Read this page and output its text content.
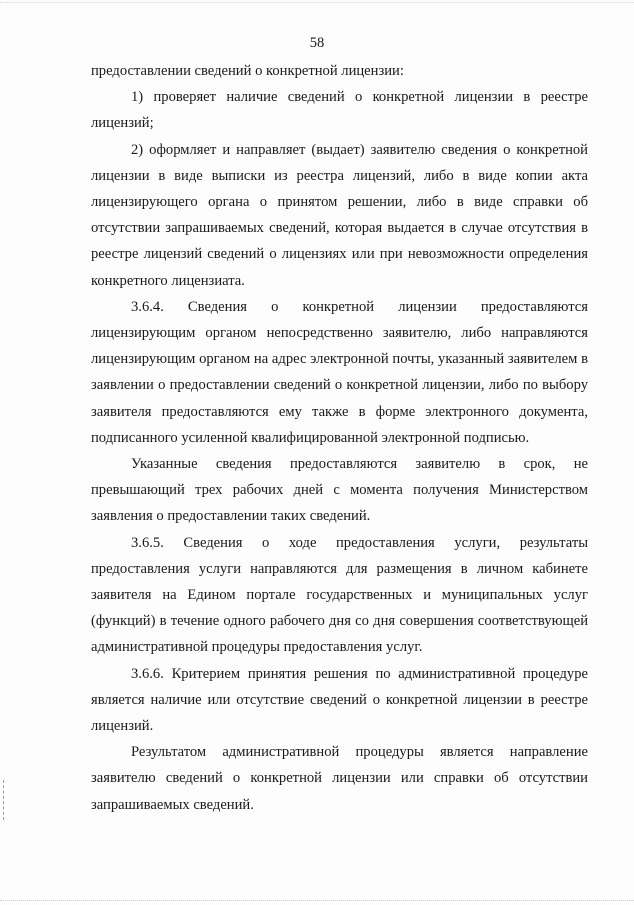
58

предоставлении сведений о конкретной лицензии:

1) проверяет наличие сведений о конкретной лицензии в реестре лицензий;

2) оформляет и направляет (выдает) заявителю сведения о конкретной лицензии в виде выписки из реестра лицензий, либо в виде копии акта лицензирующего органа о принятом решении, либо в виде справки об отсутствии запрашиваемых сведений, которая выдается в случае отсутствия в реестре лицензий сведений о лицензиях или при невозможности определения конкретного лицензиата.

3.6.4. Сведения о конкретной лицензии предоставляются лицензирующим органом непосредственно заявителю, либо направляются лицензирующим органом на адрес электронной почты, указанный заявителем в заявлении о предоставлении сведений о конкретной лицензии, либо по выбору заявителя предоставляются ему также в форме электронного документа, подписанного усиленной квалифицированной электронной подписью.

Указанные сведения предоставляются заявителю в срок, не превышающий трех рабочих дней с момента получения Министерством заявления о предоставлении таких сведений.

3.6.5. Сведения о ходе предоставления услуги, результаты предоставления услуги направляются для размещения в личном кабинете заявителя на Едином портале государственных и муниципальных услуг (функций) в течение одного рабочего дня со дня совершения соответствующей административной процедуры предоставления услуг.

3.6.6. Критерием принятия решения по административной процедуре является наличие или отсутствие сведений о конкретной лицензии в реестре лицензий.

Результатом административной процедуры является направление заявителю сведений о конкретной лицензии или справки об отсутствии запрашиваемых сведений.
